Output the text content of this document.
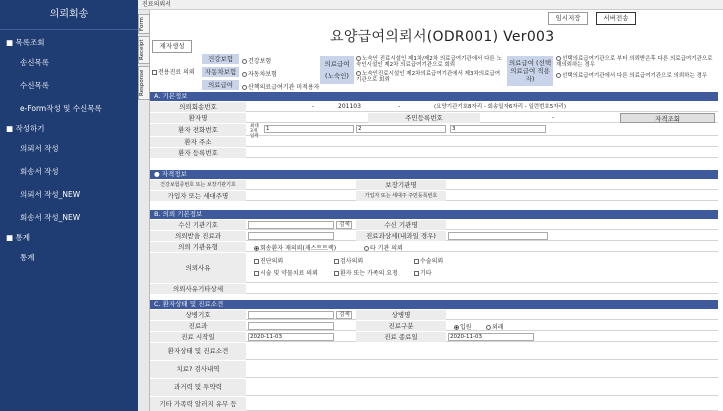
의뢰회송
■ 목록조회
송신목록
수신목록
e-Form작성 및 수신목록
■ 작성하기
의뢰서 작성
회송서 작성
의뢰서 작성_NEW
회송서 작성_NEW
■ 통계
통계
진료의뢰서
Form
Receipt
Response
임시저장	서버전송
제자생성
요양급여의뢰서(ODR001) Ver003
전용진료 의뢰
건강보험
자동차보험
의료급여
건강보험
자동차보험
산책의료급여기관 미적용자
의료급여 (노숙인)
노숙인 진료시설인 제1차/제2차 의료급여기관에서 다른 노숙인시설인 제2차 의료급여기관으로 회뢰
노숙인진료시설인 제2차의료급여기관에서 제3차의료급여기관으로 회뢰
의료급여 (선택의료급여 적용자)
선택의료급여기관으로 부터 의뢰받은후 다른 의료급여기관으로 재의뢰하는 경우
선택의료급여기관에서 다른 의료급여기관으로 의뢰하는 경우
A. 기본정보
의뢰회송번호	-	201103	-	(요양기관기호8자리 - 회송일자6자리 - 일련번호5자리)
환자명	주민등록번호	-	자격조회
환자 전화번호	최대 3개입력
1	2	3
환자 주소
환자 등록번호
● 자격정보
건강보험증번호 또는 보장기관기호	보장기관명
가입자 또는 세대주명	가입자 또는 세대주 주민등록번호
B. 의뢰 기본정보
수신 기관기호	검색	수신 기관명
의뢰받을 진료과	진료과상세(내과일 경우)
의뢰 기관유형	회송환자 재의뢰(재스트트랙)	타 기관 의뢰
의뢰사유
진단의뢰	검사의뢰	수술의뢰
시술 및 약물치료 의뢰	환자 또는 가족의 요청	기타
의뢰사유기타상세
C. 환자상태 및 진료소견
상병기호	검색	상병명
진료과	진료구분	입원	외래
진료 시작일	2020-11-03	진료 종료일	2020-11-03
환자상태 및 진료소견
치료? 검사내역
과거력 및 투약력
기타 가족력 알러지 유무 등
